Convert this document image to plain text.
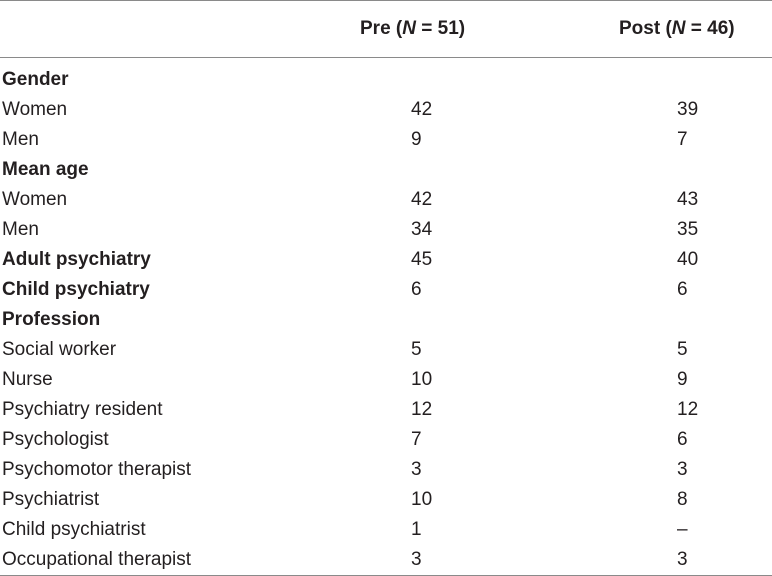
	Pre (N = 51)	Post (N = 46)
Gender		
Women	42	39
Men	9	7
Mean age		
Women	42	43
Men	34	35
Adult psychiatry	45	40
Child psychiatry	6	6
Profession		
Social worker	5	5
Nurse	10	9
Psychiatry resident	12	12
Psychologist	7	6
Psychomotor therapist	3	3
Psychiatrist	10	8
Child psychiatrist	1	–
Occupational therapist	3	3
